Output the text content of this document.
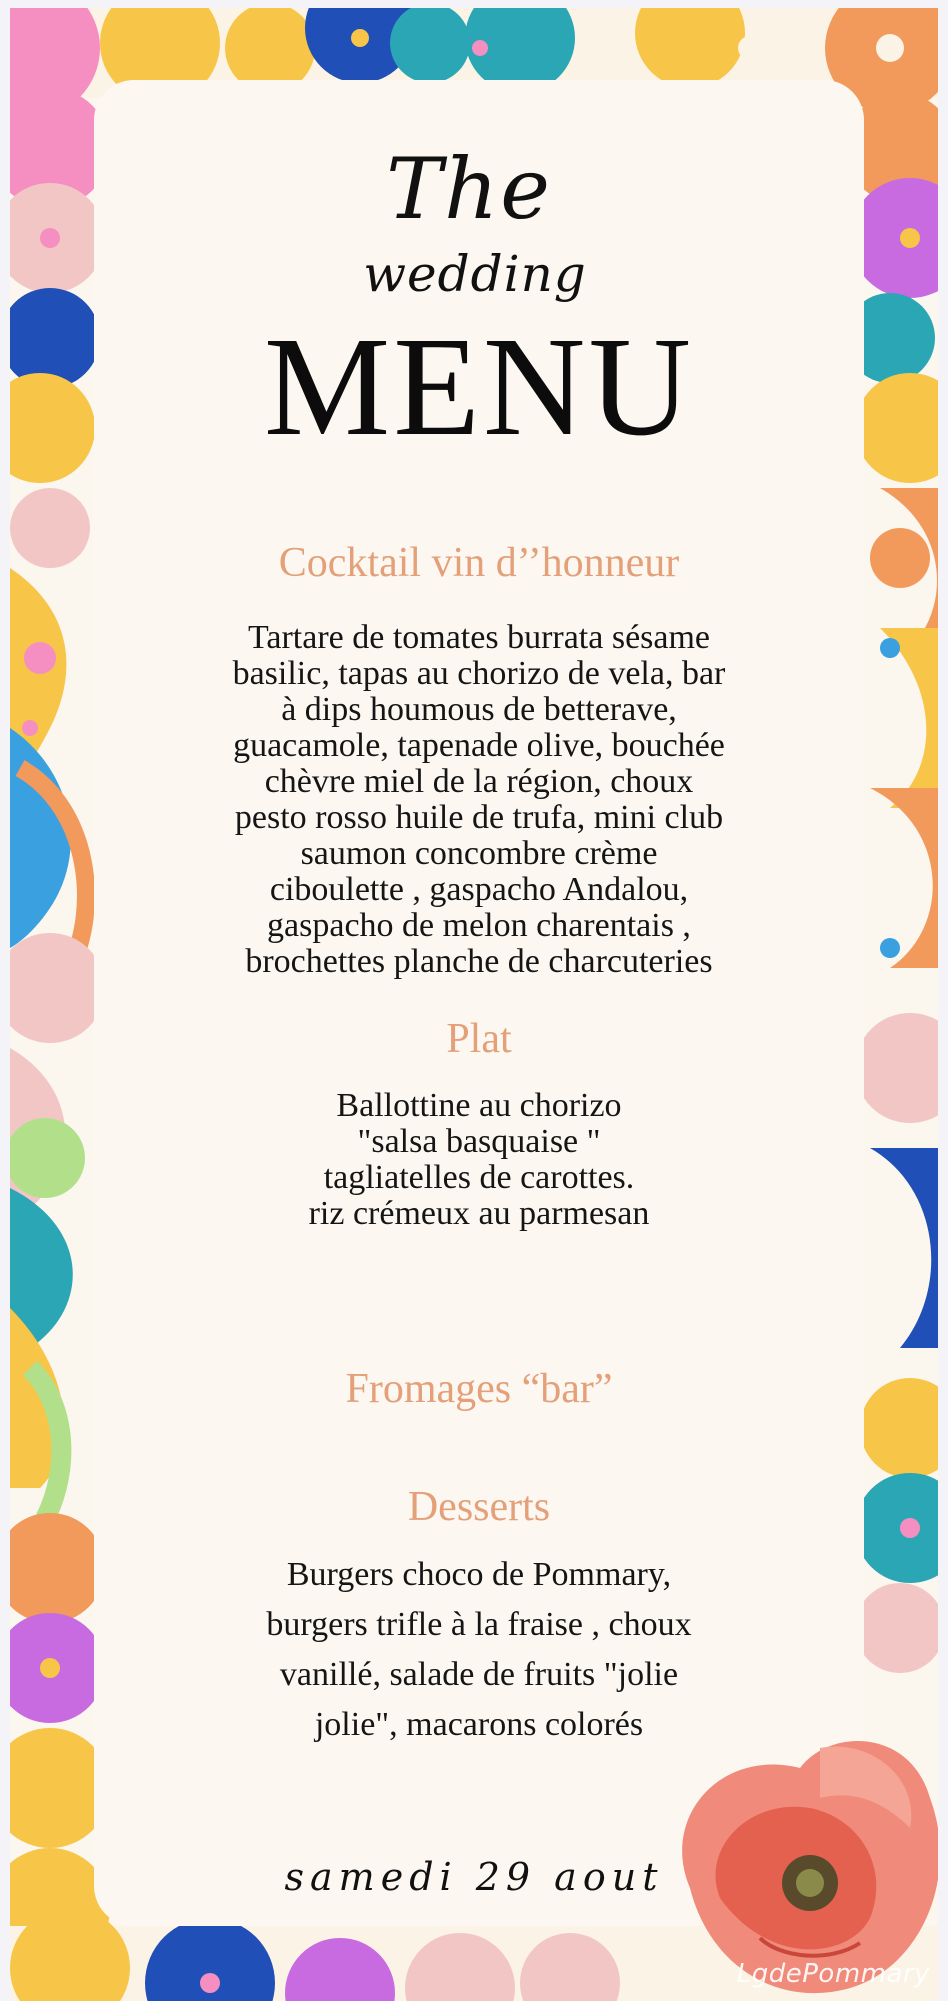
The
wedding
MENU
Cocktail vin d’’honneur
Tartare de tomates burrata sésame
basilic, tapas au chorizo de vela, bar
à dips houmous de betterave,
guacamole, tapenade olive, bouchée
chèvre miel de la région, choux
pesto rosso huile de trufa, mini club
saumon concombre crème
ciboulette , gaspacho Andalou,
gaspacho de melon charentais ,
brochettes planche de charcuteries
Plat
Ballottine au chorizo
"salsa basquaise "
tagliatelles de carottes.
riz crémeux au parmesan
Fromages “bar”
Desserts
Burgers choco de Pommary,
burgers trifle à la fraise , choux
vanillé, salade de fruits "jolie
jolie", macarons colorés
samedi 29 aout
LgdePommary
